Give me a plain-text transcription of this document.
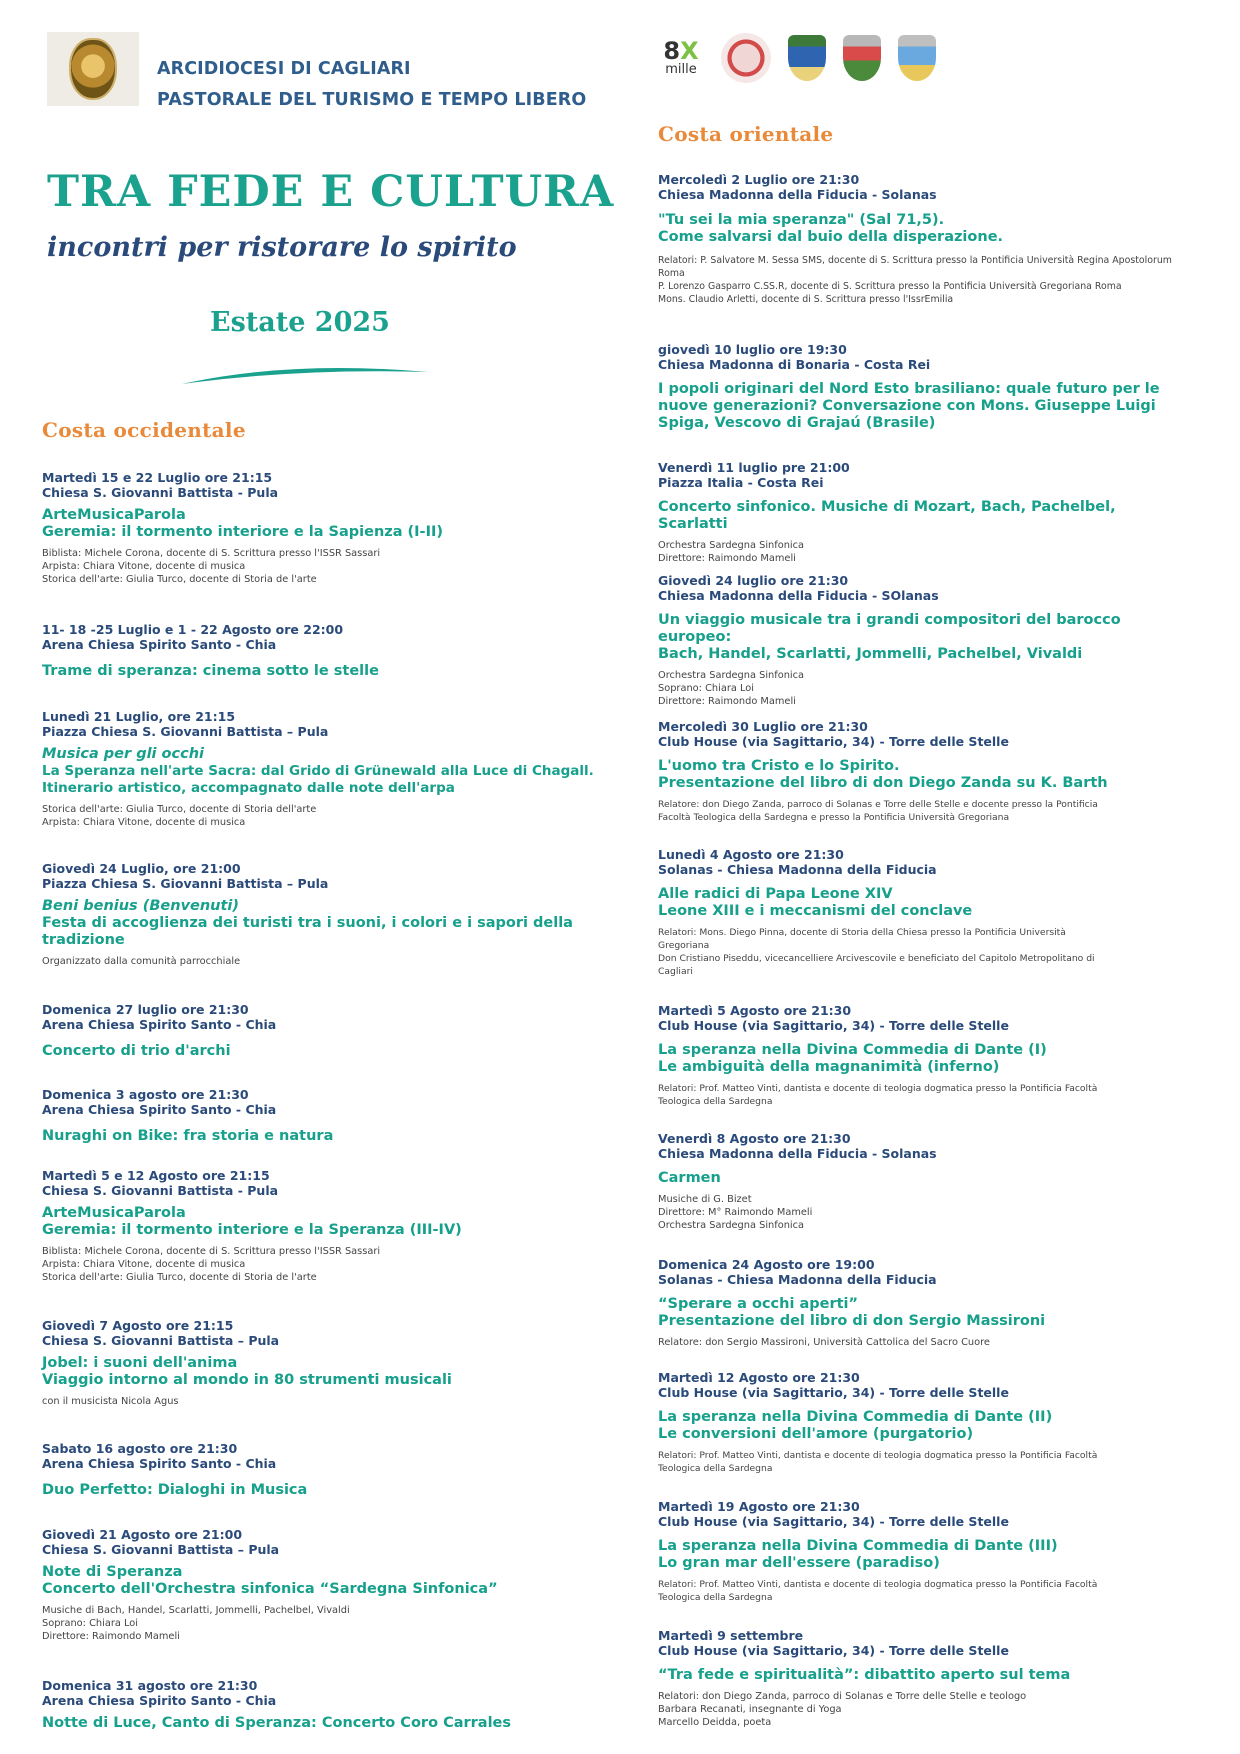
ARCIDIOCESI DI CAGLIARI
PASTORALE DEL TURISMO E TEMPO LIBERO
TRA FEDE E CULTURA
incontri per ristorare lo spirito
Estate 2025
8X
mille
Costa occidentale
Costa orientale
Martedì 15 e 22 Luglio ore 21:15
Chiesa S. Giovanni Battista - Pula
ArteMusicaParola
Geremia: il tormento interiore e la Sapienza (I-II)
Biblista: Michele Corona, docente di S. Scrittura presso l'ISSR Sassari
Arpista: Chiara Vitone, docente di musica
Storica dell'arte: Giulia Turco, docente di Storia de l'arte
11- 18 -25 Luglio e 1 - 22 Agosto ore 22:00
Arena Chiesa Spirito Santo - Chia
Trame di speranza: cinema sotto le stelle
Lunedì 21 Luglio, ore 21:15
Piazza Chiesa S. Giovanni Battista – Pula
Musica per gli occhi
La Speranza nell'arte Sacra: dal Grido di Grünewald alla Luce di Chagall.
Itinerario artistico, accompagnato dalle note dell'arpa
Storica dell'arte: Giulia Turco, docente di Storia dell'arte
Arpista: Chiara Vitone, docente di musica
Giovedì 24 Luglio, ore 21:00
Piazza Chiesa S. Giovanni Battista – Pula
Beni benius (Benvenuti)
Festa di accoglienza dei turisti tra i suoni, i colori e i sapori della
tradizione
Organizzato dalla comunità parrocchiale
Domenica 27 luglio ore 21:30
Arena Chiesa Spirito Santo - Chia
Concerto di trio d'archi
Domenica 3 agosto ore 21:30
Arena Chiesa Spirito Santo - Chia
Nuraghi on Bike: fra storia e natura
Martedì 5 e 12 Agosto ore 21:15
Chiesa S. Giovanni Battista - Pula
ArteMusicaParola
Geremia: il tormento interiore e la Speranza (III-IV)
Biblista: Michele Corona, docente di S. Scrittura presso l'ISSR Sassari
Arpista: Chiara Vitone, docente di musica
Storica dell'arte: Giulia Turco, docente di Storia de l'arte
Giovedì 7 Agosto ore 21:15
Chiesa S. Giovanni Battista – Pula
Jobel: i suoni dell'anima
Viaggio intorno al mondo in 80 strumenti musicali
con il musicista Nicola Agus
Sabato 16 agosto ore 21:30
Arena Chiesa Spirito Santo - Chia
Duo Perfetto: Dialoghi in Musica
Giovedì 21 Agosto ore 21:00
Chiesa S. Giovanni Battista – Pula
Note di Speranza
Concerto dell'Orchestra sinfonica “Sardegna Sinfonica”
Musiche di Bach, Handel, Scarlatti, Jommelli, Pachelbel, Vivaldi
Soprano: Chiara Loi
Direttore: Raimondo Mameli
Domenica 31 agosto ore 21:30
Arena Chiesa Spirito Santo - Chia
Notte di Luce, Canto di Speranza: Concerto Coro Carrales
Mercoledì 2 Luglio ore 21:30
Chiesa Madonna della Fiducia - Solanas
"Tu sei la mia speranza" (Sal 71,5).
Come salvarsi dal buio della disperazione.
Relatori: P. Salvatore M. Sessa SMS, docente di S. Scrittura presso la Pontificia Università Regina Apostolorum Roma
P. Lorenzo Gasparro C.SS.R, docente di S. Scrittura presso la Pontificia Università Gregoriana Roma
Mons. Claudio Arletti, docente di S. Scrittura presso l'IssrEmilia
giovedì 10 luglio ore 19:30
Chiesa Madonna di Bonaria - Costa Rei
I popoli originari del Nord Esto brasiliano: quale futuro per le
nuove generazioni? Conversazione con Mons. Giuseppe Luigi
Spiga, Vescovo di Grajaú (Brasile)
Venerdì 11 luglio pre 21:00
Piazza Italia - Costa Rei
Concerto sinfonico. Musiche di Mozart, Bach, Pachelbel, Scarlatti
Orchestra Sardegna Sinfonica
Direttore: Raimondo Mameli
Giovedì 24 luglio ore 21:30
Chiesa Madonna della Fiducia - SOlanas
Un viaggio musicale tra i grandi compositori del barocco europeo:
Bach, Handel, Scarlatti, Jommelli, Pachelbel, Vivaldi
Orchestra Sardegna Sinfonica
Soprano: Chiara Loi
Direttore: Raimondo Mameli
Mercoledì 30 Luglio ore 21:30
Club House (via Sagittario, 34) - Torre delle Stelle
L'uomo tra Cristo e lo Spirito.
Presentazione del libro di don Diego Zanda su K. Barth
Relatore: don Diego Zanda, parroco di Solanas e Torre delle Stelle e docente presso la Pontificia
Facoltà Teologica della Sardegna e presso la Pontificia Università Gregoriana
Lunedì 4 Agosto ore 21:30
Solanas - Chiesa Madonna della Fiducia
Alle radici di Papa Leone XIV
Leone XIII e i meccanismi del conclave
Relatori: Mons. Diego Pinna, docente di Storia della Chiesa presso la Pontificia Università
Gregoriana
Don Cristiano Piseddu, vicecancelliere Arcivescovile e beneficiato del Capitolo Metropolitano di
Cagliari
Martedì 5 Agosto ore 21:30
Club House (via Sagittario, 34) - Torre delle Stelle
La speranza nella Divina Commedia di Dante (I)
Le ambiguità della magnanimità (inferno)
Relatori: Prof. Matteo Vinti, dantista e docente di teologia dogmatica presso la Pontificia Facoltà
Teologica della Sardegna
Venerdì 8 Agosto ore 21:30
Chiesa Madonna della Fiducia - Solanas
Carmen
Musiche di G. Bizet
Direttore: M° Raimondo Mameli
Orchestra Sardegna Sinfonica
Domenica 24 Agosto ore 19:00
Solanas - Chiesa Madonna della Fiducia
“Sperare a occhi aperti”
Presentazione del libro di don Sergio Massironi
Relatore: don Sergio Massironi, Università Cattolica del Sacro Cuore
Martedì 12 Agosto ore 21:30
Club House (via Sagittario, 34) - Torre delle Stelle
La speranza nella Divina Commedia di Dante (II)
Le conversioni dell'amore (purgatorio)
Relatori: Prof. Matteo Vinti, dantista e docente di teologia dogmatica presso la Pontificia Facoltà
Teologica della Sardegna
Martedì 19 Agosto ore 21:30
Club House (via Sagittario, 34) - Torre delle Stelle
La speranza nella Divina Commedia di Dante (III)
Lo gran mar dell'essere (paradiso)
Relatori: Prof. Matteo Vinti, dantista e docente di teologia dogmatica presso la Pontificia Facoltà
Teologica della Sardegna
Martedì 9 settembre
Club House (via Sagittario, 34) - Torre delle Stelle
“Tra fede e spiritualità”: dibattito aperto sul tema
Relatori: don Diego Zanda, parroco di Solanas e Torre delle Stelle e teologo
Barbara Recanati, insegnante di Yoga
Marcello Deidda, poeta
